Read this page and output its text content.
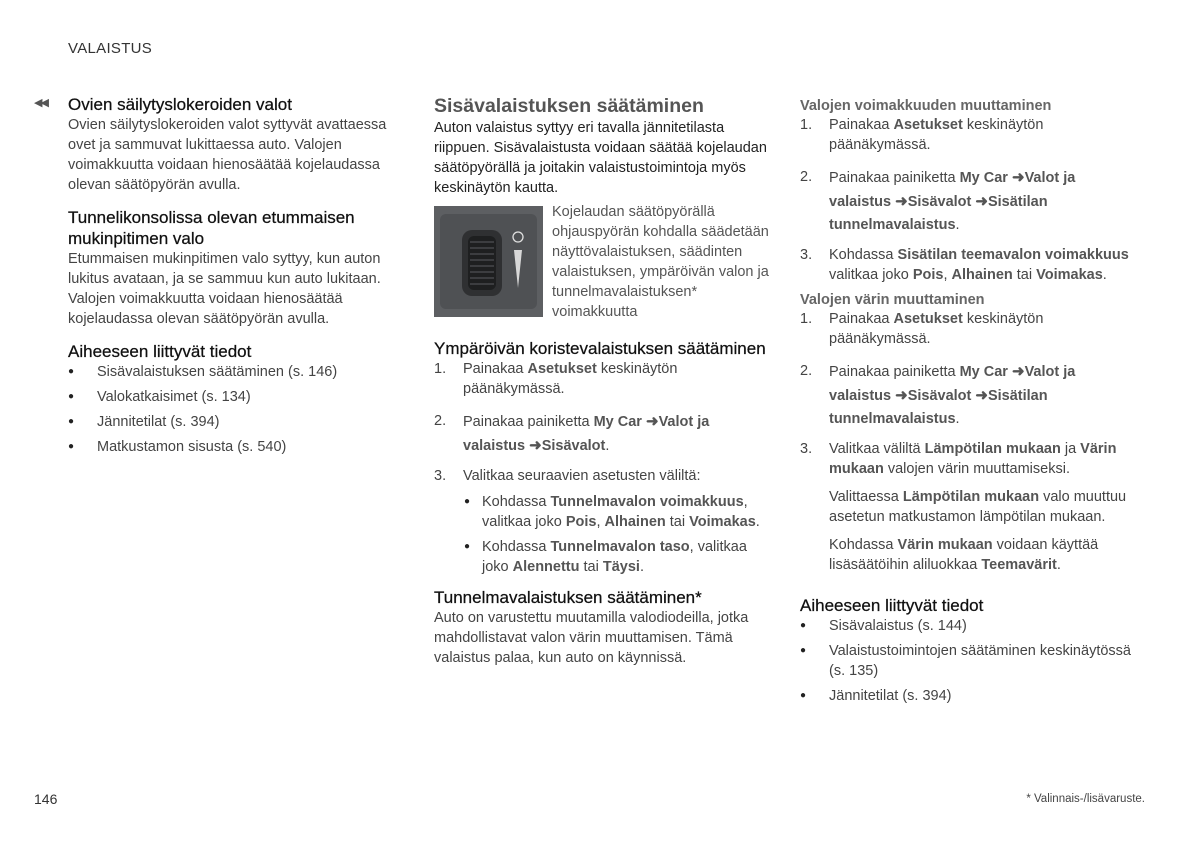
VALAISTUS
◀◀ Ovien säilytyslokeroiden valot

Ovien säilytyslokeroiden valot syttyvät avattaessa ovet ja sammuvat lukittaessa auto. Valojen voimakkuutta voidaan hienosäätää kojelaudassa olevan säätöpyörän avulla.

Tunnelikonsolissa olevan etummaisen mukinpitimen valo

Etummaisen mukinpitimen valo syttyy, kun auton lukitus avataan, ja se sammuu kun auto lukitaan. Valojen voimakkuutta voidaan hienosäätää kojelaudassa olevan säätöpyörän avulla.

Aiheeseen liittyvät tiedot
● Sisävalaistuksen säätäminen (s. 146)
● Valokatkaisimet (s. 134)
● Jännitetilat (s. 394)
● Matkustamon sisusta (s. 540)
Sisävalaistuksen säätäminen

Auton valaistus syttyy eri tavalla jännitetilasta riippuen. Sisävalaistusta voidaan säätää kojelaudan säätöpyörällä ja joitakin valaistustoimintoja myös keskinäytön kautta.

Kojelaudan säätöpyörällä ohjauspyörän kohdalla säädetään näyttövalaistuksen, säädinten valaistuksen, ympäröivän valon ja tunnelmavalaistuksen* voimakkuutta

Ympäröivän koristevalaistuksen säätäminen
1. Painakaa Asetukset keskinäytön päänäkymässä.
2. Painakaa painiketta My Car ➜Valot ja valaistus ➜Sisävalot.
3. Valitkaa seuraavien asetusten väliltä:
● Kohdassa Tunnelmavalon voimakkuus, valitkaa joko Pois, Alhainen tai Voimakas.
● Kohdassa Tunnelmavalon taso, valitkaa joko Alennettu tai Täysi.
Tunnelmavalaistuksen säätäminen*

Auto on varustettu muutamilla valodiodeilla, jotka mahdollistavat valon värin muuttamisen. Tämä valaistus palaa, kun auto on käynnissä.

Valojen voimakkuuden muuttaminen
1. Painakaa Asetukset keskinäytön päänäkymässä.
2. Painakaa painiketta My Car ➜Valot ja valaistus ➜Sisävalot ➜Sisätilan tunnelmavalaistus.
3. Kohdassa Sisätilan teemavalon voimakkuus valitkaa joko Pois, Alhainen tai Voimakas.
Valojen värin muuttaminen
1. Painakaa Asetukset keskinäytön päänäkymässä.
2. Painakaa painiketta My Car ➜Valot ja valaistus ➜Sisävalot ➜Sisätilan tunnelmavalaistus.
3. Valitkaa väliltä Lämpötilan mukaan ja Värin mukaan valojen värin muuttamiseksi.

Valittaessa Lämpötilan mukaan valo muuttuu asetetun matkustamon lämpötilan mukaan.

Kohdassa Värin mukaan voidaan käyttää lisäsäätöihin aliluokkaa Teemavärit.

Aiheeseen liittyvät tiedot
● Sisävalaistus (s. 144)
● Valaistustoimintojen säätäminen keskinäytössä (s. 135)
● Jännitetilat (s. 394)
146	* Valinnais-/lisävaruste.
